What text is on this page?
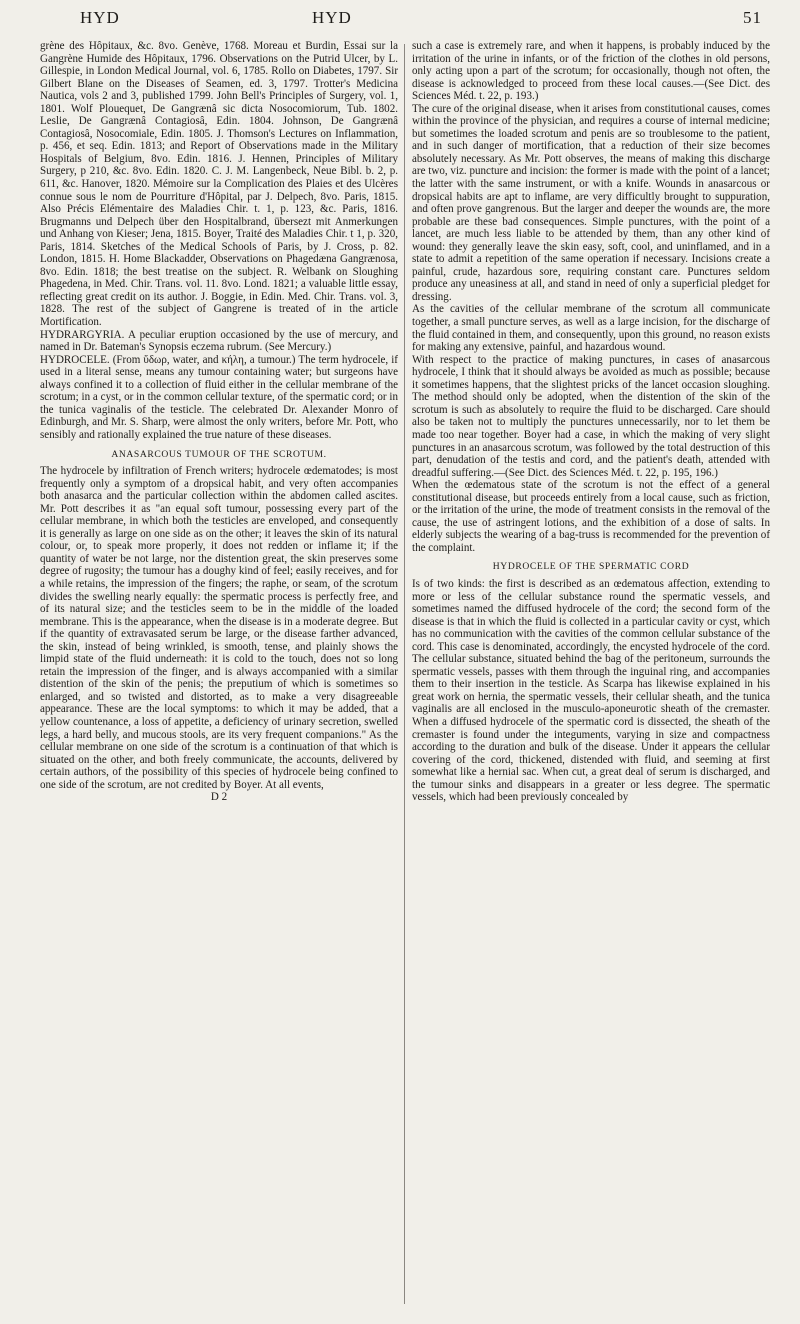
HYD	HYD	51

grène des Hôpitaux, &c. 8vo. Genève, 1768. Moreau et Burdin, Essai sur la Gangrène Humide des Hôpitaux, 1796. Observations on the Putrid Ulcer, by L. Gillespie, in London Medical Journal, vol. 6, 1785. Rollo on Diabetes, 1797. Sir Gilbert Blane on the Diseases of Seamen, ed. 3, 1797. Trotter's Medicina Nautica, vols 2 and 3, published 1799. John Bell's Principles of Surgery, vol. 1, 1801. Wolf Plouequet, De Gangrænâ sic dicta Nosocomiorum, Tub. 1802. Leslie, De Gangrænâ Contagiosâ, Edin. 1804. Johnson, De Gangrænâ Contagiosâ, Nosocomiale, Edin. 1805. J. Thomson's Lectures on Inflammation, p. 456, et seq. Edin. 1813; and Report of Observations made in the Military Hospitals of Belgium, 8vo. Edin. 1816. J. Hennen, Principles of Military Surgery, p 210, &c. 8vo. Edin. 1820. C. J. M. Langenbeck, Neue Bibl. b. 2, p. 611, &c. Hanover, 1820. Mémoire sur la Complication des Plaies et des Ulcères connue sous le nom de Pourriture d'Hôpital, par J. Delpech, 8vo. Paris, 1815. Also Précis Elémentaire des Maladies Chir. t. 1, p. 123, &c. Paris, 1816. Brugmanns und Delpech über den Hospitalbrand, übersezt mit Anmerkungen und Anhang von Kieser; Jena, 1815. Boyer, Traité des Maladies Chir. t 1, p. 320, Paris, 1814. Sketches of the Medical Schools of Paris, by J. Cross, p. 82. London, 1815. H. Home Blackadder, Observations on Phagedæna Gangrænosa, 8vo. Edin. 1818; the best treatise on the subject. R. Welbank on Sloughing Phagedena, in Med. Chir. Trans. vol. 11. 8vo. Lond. 1821; a valuable little essay, reflecting great credit on its author. J. Boggie, in Edin. Med. Chir. Trans. vol. 3, 1828. The rest of the subject of Gangrene is treated of in the article Mortification.

HYDRARGYRIA. A peculiar eruption occasioned by the use of mercury, and named in Dr. Bateman's Synopsis eczema rubrum. (See Mercury.)

HYDROCELE. (From ὕδωρ, water, and κήλη, a tumour.) The term hydrocele, if used in a literal sense, means any tumour containing water; but surgeons have always confined it to a collection of fluid either in the cellular membrane of the scrotum; in a cyst, or in the common cellular texture, of the spermatic cord; or in the tunica vaginalis of the testicle. The celebrated Dr. Alexander Monro of Edinburgh, and Mr. S. Sharp, were almost the only writers, before Mr. Pott, who sensibly and rationally explained the true nature of these diseases.

ANASARCOUS TUMOUR OF THE SCROTUM.

The hydrocele by infiltration of French writers; hydrocele œdematodes; is most frequently only a symptom of a dropsical habit, and very often accompanies both anasarca and the particular collection within the abdomen called ascites. Mr. Pott describes it as "an equal soft tumour, possessing every part of the cellular membrane, in which both the testicles are enveloped, and consequently it is generally as large on one side as on the other; it leaves the skin of its natural colour, or, to speak more properly, it does not redden or inflame it; if the quantity of water be not large, nor the distention great, the skin preserves some degree of rugosity; the tumour has a doughy kind of feel; easily receives, and for a while retains, the impression of the fingers; the raphe, or seam, of the scrotum divides the swelling nearly equally: the spermatic process is perfectly free, and of its natural size; and the testicles seem to be in the middle of the loaded membrane. This is the appearance, when the disease is in a moderate degree. But if the quantity of extravasated serum be large, or the disease farther advanced, the skin, instead of being wrinkled, is smooth, tense, and plainly shows the limpid state of the fluid underneath: it is cold to the touch, does not so long retain the impression of the finger, and is always accompanied with a similar distention of the skin of the penis; the preputium of which is sometimes so enlarged, and so twisted and distorted, as to make a very disagreeable appearance. These are the local symptoms: to which it may be added, that a yellow countenance, a loss of appetite, a deficiency of urinary secretion, swelled legs, a hard belly, and mucous stools, are its very frequent companions." As the cellular membrane on one side of the scrotum is a continuation of that which is situated on the other, and both freely communicate, the accounts, delivered by certain authors, of the possibility of this species of hydrocele being confined to one side of the scrotum, are not credited by Boyer. At all events,

D 2

such a case is extremely rare, and when it happens, is probably induced by the irritation of the urine in infants, or of the friction of the clothes in old persons, only acting upon a part of the scrotum; for occasionally, though not often, the disease is acknowledged to proceed from these local causes.—(See Dict. des Sciences Méd. t. 22, p. 193.)

The cure of the original disease, when it arises from constitutional causes, comes within the province of the physician, and requires a course of internal medicine; but sometimes the loaded scrotum and penis are so troublesome to the patient, and in such danger of mortification, that a reduction of their size becomes absolutely necessary. As Mr. Pott observes, the means of making this discharge are two, viz. puncture and incision: the former is made with the point of a lancet; the latter with the same instrument, or with a knife. Wounds in anasarcous or dropsical habits are apt to inflame, are very difficultly brought to suppuration, and often prove gangrenous. But the larger and deeper the wounds are, the more probable are these bad consequences. Simple punctures, with the point of a lancet, are much less liable to be attended by them, than any other kind of wound: they generally leave the skin easy, soft, cool, and uninflamed, and in a state to admit a repetition of the same operation if necessary. Incisions create a painful, crude, hazardous sore, requiring constant care. Punctures seldom produce any uneasiness at all, and stand in need of only a superficial pledget for dressing.

As the cavities of the cellular membrane of the scrotum all communicate together, a small puncture serves, as well as a large incision, for the discharge of the fluid contained in them, and consequently, upon this ground, no reason exists for making any extensive, painful, and hazardous wound.

With respect to the practice of making punctures, in cases of anasarcous hydrocele, I think that it should always be avoided as much as possible; because it sometimes happens, that the slightest pricks of the lancet occasion sloughing. The method should only be adopted, when the distention of the skin of the scrotum is such as absolutely to require the fluid to be discharged. Care should also be taken not to multiply the punctures unnecessarily, nor to let them be made too near together. Boyer had a case, in which the making of very slight punctures in an anasarcous scrotum, was followed by the total destruction of this part, denudation of the testis and cord, and the patient's death, attended with dreadful suffering.—(See Dict. des Sciences Méd. t. 22, p. 195, 196.)

When the œdematous state of the scrotum is not the effect of a general constitutional disease, but proceeds entirely from a local cause, such as friction, or the irritation of the urine, the mode of treatment consists in the removal of the cause, the use of astringent lotions, and the exhibition of a dose of salts. In elderly subjects the wearing of a bag-truss is recommended for the prevention of the complaint.

HYDROCELE OF THE SPERMATIC CORD

Is of two kinds: the first is described as an œdematous affection, extending to more or less of the cellular substance round the spermatic vessels, and sometimes named the diffused hydrocele of the cord; the second form of the disease is that in which the fluid is collected in a particular cavity or cyst, which has no communication with the cavities of the common cellular substance of the cord. This case is denominated, accordingly, the encysted hydrocele of the cord. The cellular substance, situated behind the bag of the peritoneum, surrounds the spermatic vessels, passes with them through the inguinal ring, and accompanies them to their insertion in the testicle. As Scarpa has likewise explained in his great work on hernia, the spermatic vessels, their cellular sheath, and the tunica vaginalis are all enclosed in the musculo-aponeurotic sheath of the cremaster. When a diffused hydrocele of the spermatic cord is dissected, the sheath of the cremaster is found under the integuments, varying in size and compactness according to the duration and bulk of the disease. Under it appears the cellular covering of the cord, thickened, distended with fluid, and seeming at first somewhat like a hernial sac. When cut, a great deal of serum is discharged, and the tumour sinks and disappears in a greater or less degree. The spermatic vessels, which had been previously concealed by
